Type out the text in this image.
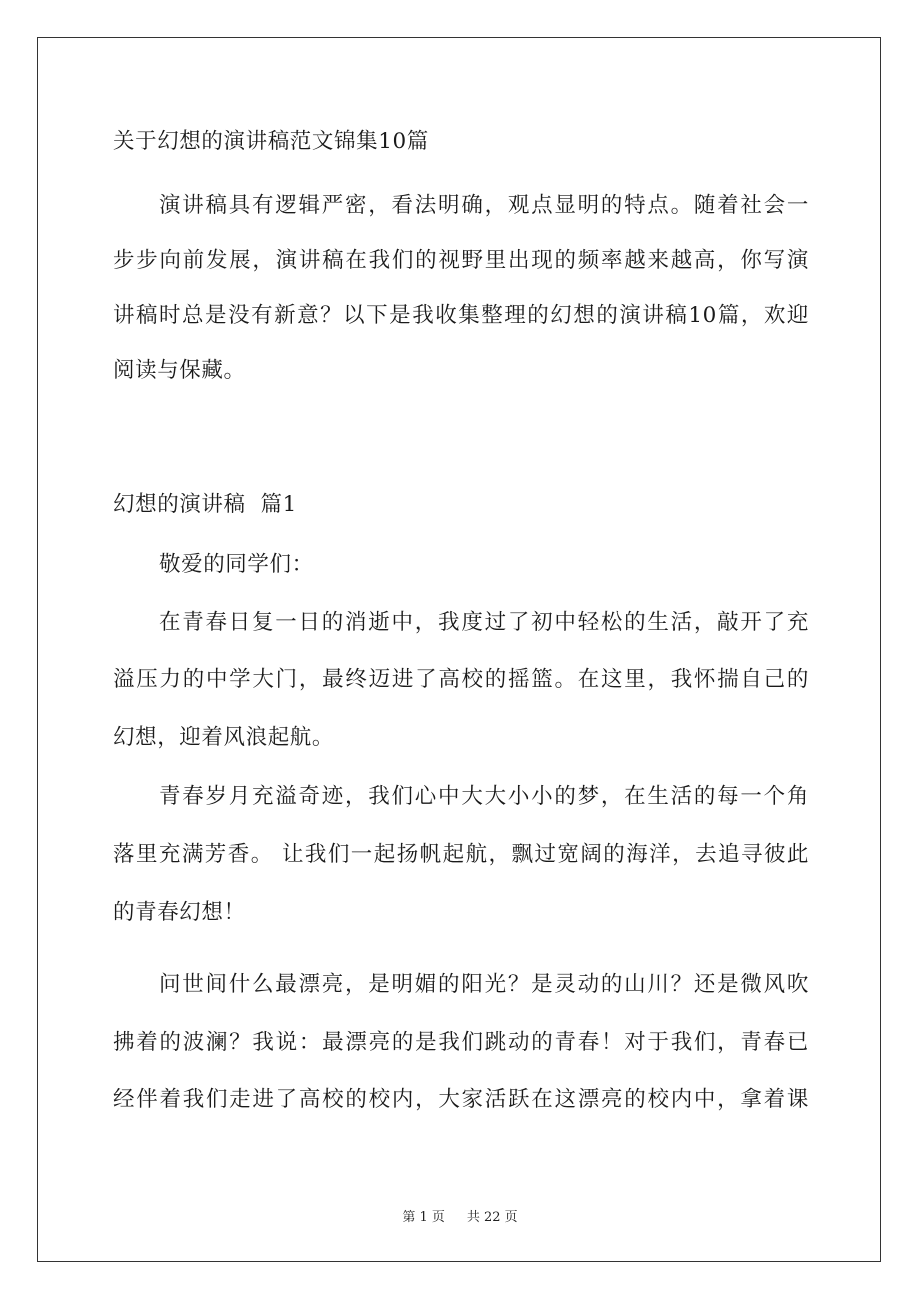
关于幻想的演讲稿范文锦集10篇
演讲稿具有逻辑严密，看法明确，观点显明的特点。随着社会一
步步向前发展，演讲稿在我们的视野里出现的频率越来越高，你写演
讲稿时总是没有新意？以下是我收集整理的幻想的演讲稿10篇，欢迎
阅读与保藏。
幻想的演讲稿  篇1
敬爱的同学们：
在青春日复一日的消逝中，我度过了初中轻松的生活，敲开了充
溢压力的中学大门，最终迈进了高校的摇篮。在这里，我怀揣自己的
幻想，迎着风浪起航。
青春岁月充溢奇迹，我们心中大大小小的梦，在生活的每一个角
落里充满芳香。 让我们一起扬帆起航，飘过宽阔的海洋，去追寻彼此
的青春幻想！
问世间什么最漂亮，是明媚的阳光？是灵动的山川？还是微风吹
拂着的波澜？我说：最漂亮的是我们跳动的青春！对于我们，青春已
经伴着我们走进了高校的校内，大家活跃在这漂亮的校内中，拿着课
第 1 页 共 22 页
